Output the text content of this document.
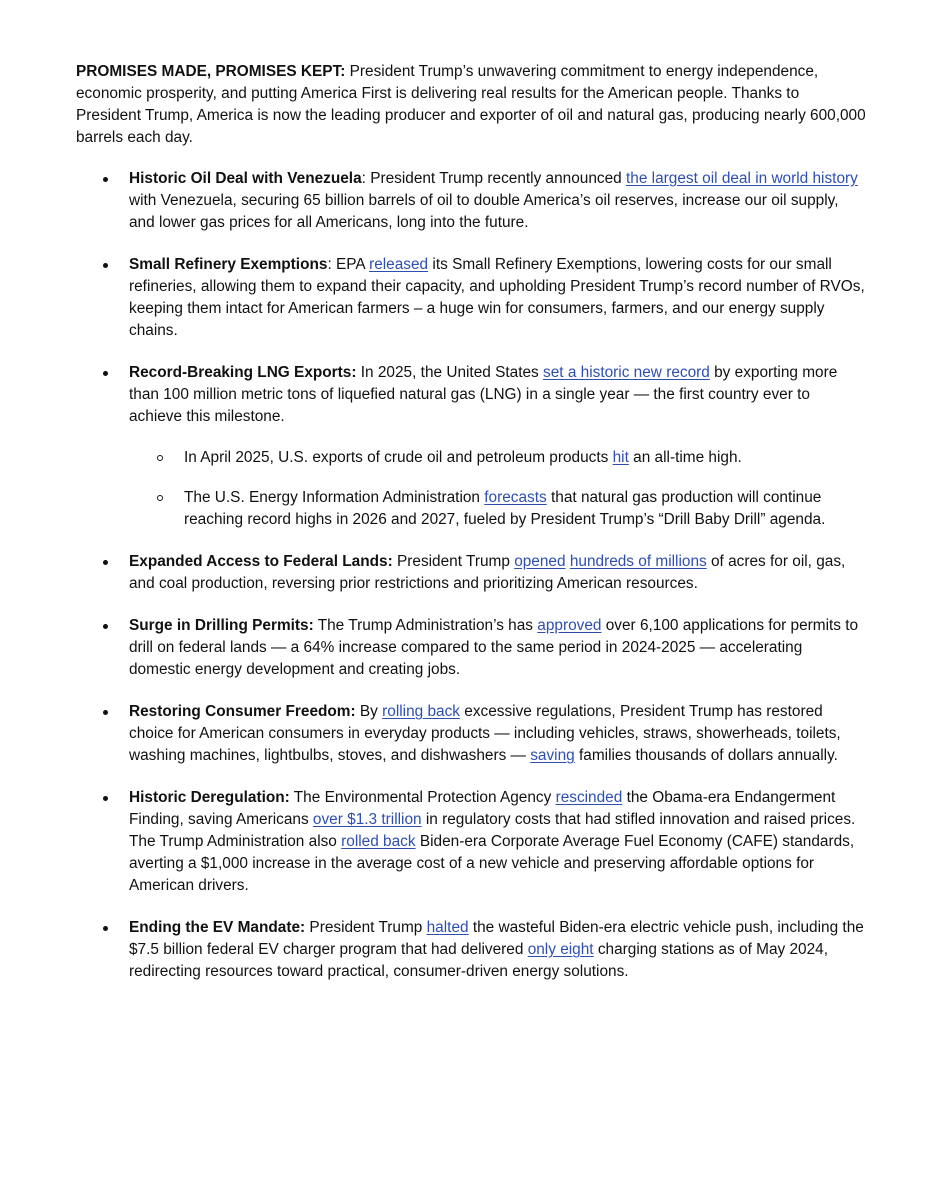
PROMISES MADE, PROMISES KEPT: President Trump’s unwavering commitment to energy independence, economic prosperity, and putting America First is delivering real results for the American people. Thanks to President Trump, America is now the leading producer and exporter of oil and natural gas, producing nearly 600,000 barrels each day.

Historic Oil Deal with Venezuela: President Trump recently announced the largest oil deal in world history with Venezuela, securing 65 billion barrels of oil to double America’s oil reserves, increase our oil supply, and lower gas prices for all Americans, long into the future.
Small Refinery Exemptions: EPA released its Small Refinery Exemptions, lowering costs for our small refineries, allowing them to expand their capacity, and upholding President Trump’s record number of RVOs, keeping them intact for American farmers – a huge win for consumers, farmers, and our energy supply chains.
Record-Breaking LNG Exports: In 2025, the United States set a historic new record by exporting more than 100 million metric tons of liquefied natural gas (LNG) in a single year — the first country ever to achieve this milestone.
In April 2025, U.S. exports of crude oil and petroleum products hit an all-time high.
The U.S. Energy Information Administration forecasts that natural gas production will continue reaching record highs in 2026 and 2027, fueled by President Trump’s “Drill Baby Drill” agenda.
Expanded Access to Federal Lands: President Trump opened hundreds of millions of acres for oil, gas, and coal production, reversing prior restrictions and prioritizing American resources.
Surge in Drilling Permits: The Trump Administration’s has approved over 6,100 applications for permits to drill on federal lands — a 64% increase compared to the same period in 2024-2025 — accelerating domestic energy development and creating jobs.
Restoring Consumer Freedom: By rolling back excessive regulations, President Trump has restored choice for American consumers in everyday products — including vehicles, straws, showerheads, toilets, washing machines, lightbulbs, stoves, and dishwashers — saving families thousands of dollars annually.
Historic Deregulation: The Environmental Protection Agency rescinded the Obama-era Endangerment Finding, saving Americans over $1.3 trillion in regulatory costs that had stifled innovation and raised prices. The Trump Administration also rolled back Biden-era Corporate Average Fuel Economy (CAFE) standards, averting a $1,000 increase in the average cost of a new vehicle and preserving affordable options for American drivers.
Ending the EV Mandate: President Trump halted the wasteful Biden-era electric vehicle push, including the $7.5 billion federal EV charger program that had delivered only eight charging stations as of May 2024, redirecting resources toward practical, consumer-driven energy solutions.
